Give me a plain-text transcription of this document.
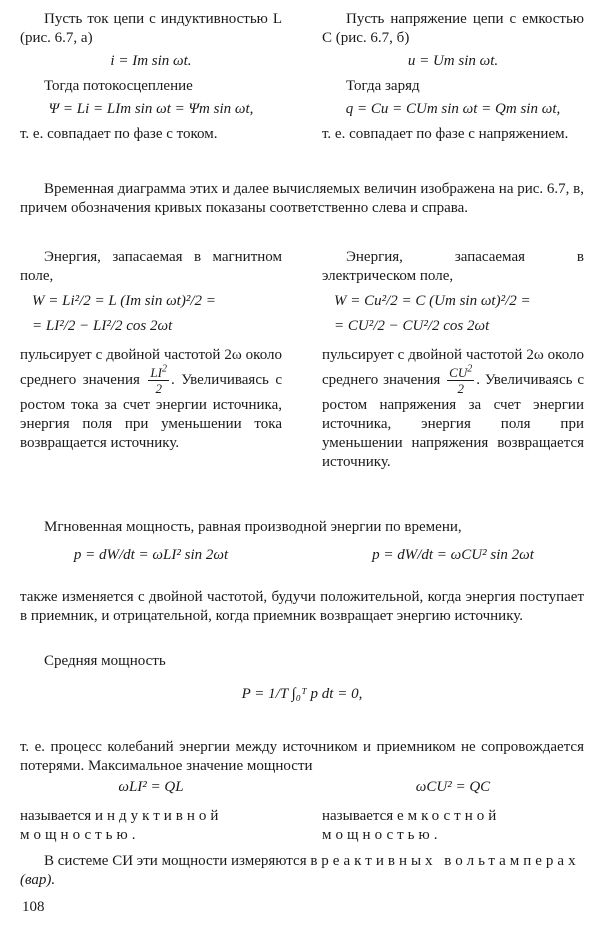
Пусть ток цепи с индуктивностью L (рис. 6.7, а)

i = Im sin ωt.

Тогда потокосцепление

Ψ = Li = LIm sin ωt = Ψm sin ωt,

т. е. совпадает по фазе с током.

Пусть напряжение цепи с емкостью C (рис. 6.7, б)

u = Um sin ωt.

Тогда заряд

q = Cu = CUm sin ωt = Qm sin ωt,

т. е. совпадает по фазе с напряжением.

Временная диаграмма этих и далее вычисляемых величин изображена на рис. 6.7, в, причем обозначения кривых показаны соответственно слева и справа.

Энергия, запасаемая в магнитном поле,

W = Li²/2 = L (Im sin ωt)²/2 =

= LI²/2 − LI²/2 cos 2ωt

пульсирует с двойной частотой 2ω около среднего значения $\frac{LI^2}{2}$ . Увеличиваясь с ростом тока за счет энергии источника, энергия поля при уменьшении тока возвращается источнику.

Энергия, запасаемая в электрическом поле,

W = Cu²/2 = C (Um sin ωt)²/2 =

= CU²/2 − CU²/2 cos 2ωt

пульсирует с двойной частотой 2ω около среднего значения $\frac{CU^2}{2}$ . Увеличиваясь с ростом напряжения за счет энергии источника, энергия поля при уменьшении напряжения возвращается источнику.

Мгновенная мощность, равная производной энергии по времени,

p = dW/dt = ωLI² sin 2ωt	p = dW/dt = ωCU² sin 2ωt

также изменяется с двойной частотой, будучи положительной, когда энергия поступает в приемник, и отрицательной, когда приемник возвращает энергию источнику.

Средняя мощность

P = 1/T ∫₀ᵀ p dt = 0,

т. е. процесс колебаний энергии между источником и приемником не сопровождается потерями. Максимальное значение мощности

ωLI² = QL

называется индуктивной мощностью.

ωCU² = QC

называется емкостной мощностью.

В системе СИ эти мощности измеряются в реактивных вольтамперах (вар).

108
